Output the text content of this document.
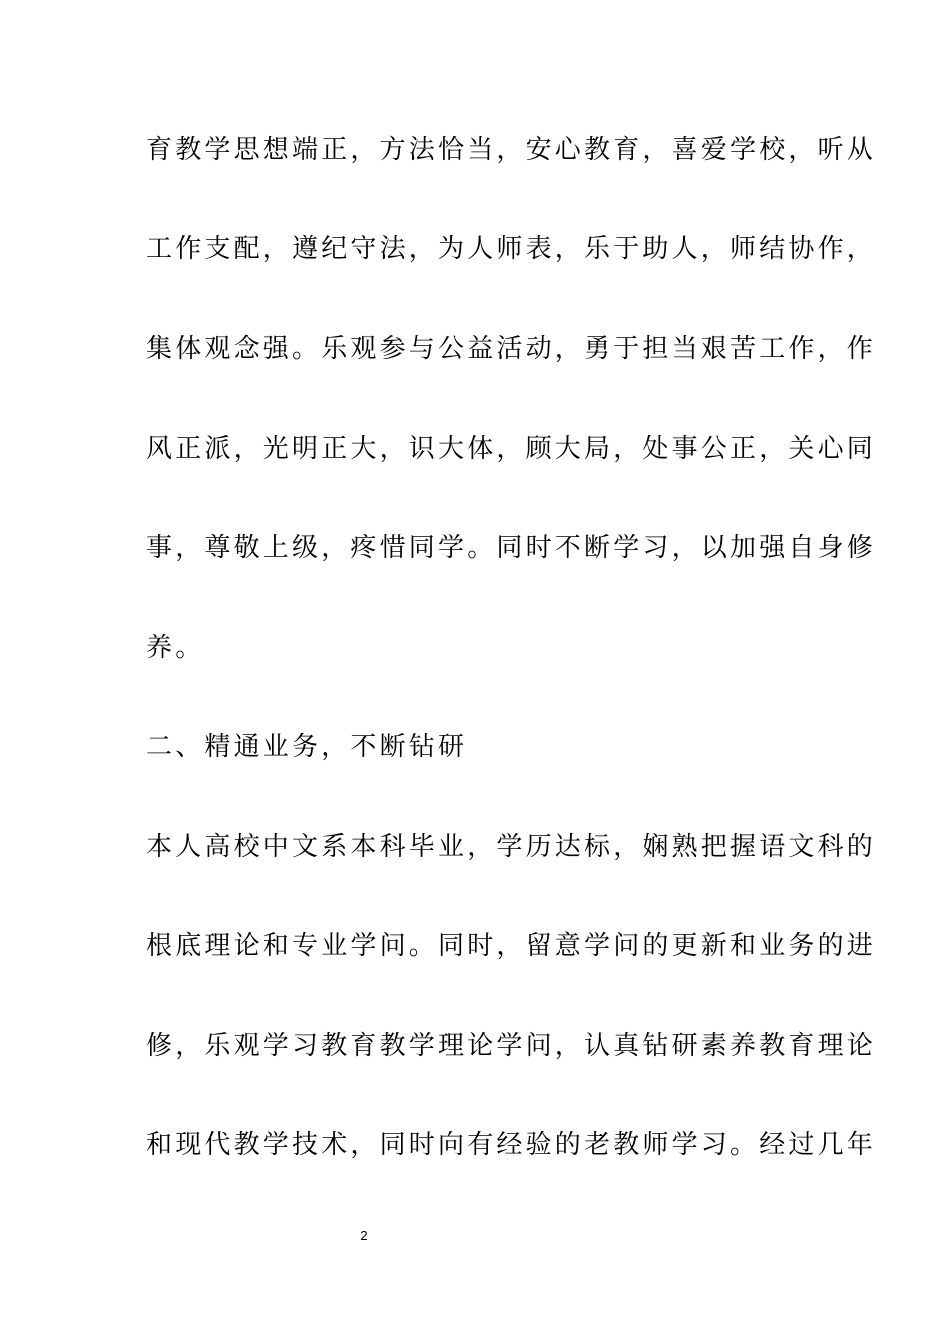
育教学思想端正，方法恰当，安心教育，喜爱学校，听从
工作支配，遵纪守法，为人师表，乐于助人，师结协作，
集体观念强。乐观参与公益活动，勇于担当艰苦工作，作
风正派，光明正大，识大体，顾大局，处事公正，关心同
事，尊敬上级，疼惜同学。同时不断学习，以加强自身修
养。
二、精通业务，不断钻研
本人高校中文系本科毕业，学历达标，娴熟把握语文科的
根底理论和专业学问。同时，留意学问的更新和业务的进
修，乐观学习教育教学理论学问，认真钻研素养教育理论
和现代教学技术，同时向有经验的老教师学习。经过几年
2
